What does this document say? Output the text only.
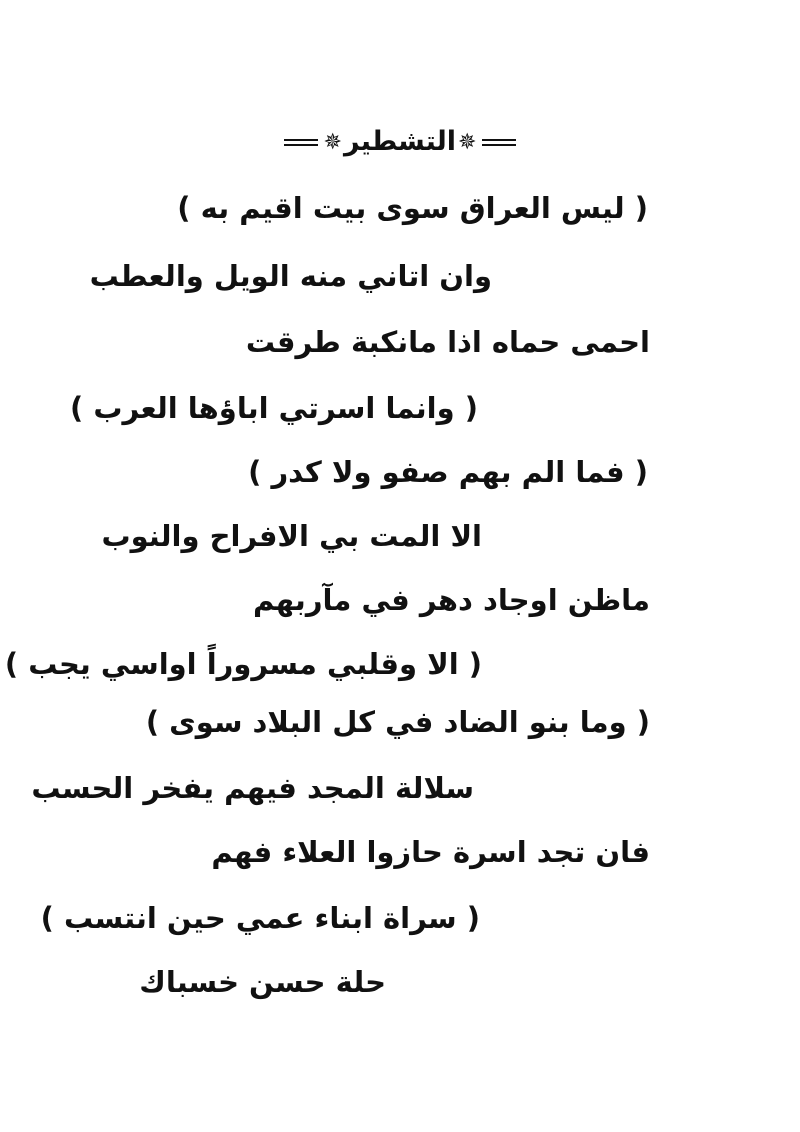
✵التشطير✵
( ليس العراق سوى بيت اقيم به )
وان اتاني منه الويل والعطب
احمى حماه اذا مانكبة طرقت
( وانما اسرتي اباؤها العرب )
( فما الم بهم صفو ولا كدر )
الا المت بي الافراح والنوب
ماظن اوجاد دهر في مآربهم
( الا وقلبي مسروراً اواسي يجب )
( وما بنو الضاد في كل البلاد سوى )
سلالة المجد فيهم يفخر الحسب
فان تجد اسرة حازوا العلاء فهم
( سراة ابناء عمي حين انتسب )
حلة حسن خسباك
